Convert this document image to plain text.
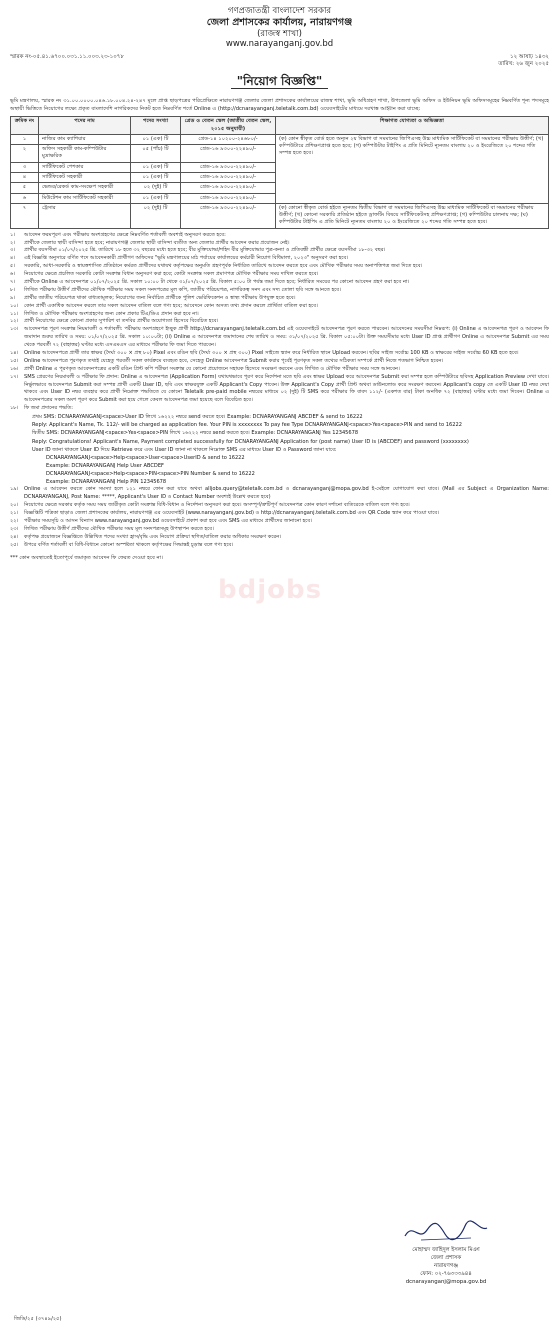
গণপ্রজাতন্ত্রী বাংলাদেশ সরকার
জেলা প্রশাসকের কার্যালয়, নারায়ণগঞ্জ
(রাজস্ব শাখা)
www.narayanganj.gov.bd
স্মারক নং-০৫.৪১.৬৭০০.০৩১.১১.০০৩.২৩-১০৭৮	১২ আষাঢ় ১৪৩২
তারিখ: ২৬ জুন ২০২৫
"নিয়োগ বিজ্ঞপ্তি"
ভূমি মন্ত্রণালয়, স্মারক নং ৩১.০০.০০০০.০৪৬.১৮.০০৪.২৪-২৪৭ মূলে প্রাপ্ত ছাড়পত্রের পরিপ্রেক্ষিতে নারায়ণগঞ্জ জেলার জেলা প্রশাসকের কার্যালয়ের রাজস্ব শাখা, ভূমি অধিগ্রহণ শাখা, উপজেলা ভূমি অফিস ও ইউনিয়ন ভূমি অফিসসমূহের নিম্নবর্ণিত শূন্য পদসমূহে অস্থায়ী ভিত্তিতে নিয়োগের লক্ষ্যে প্রকৃত বাংলাদেশি নাগরিকদের নিকট হতে নিম্নবর্ণিত শর্তে Online এ (http://dcnarayanganj.teletalk.com.bd) ওয়েবসাইটের মাধ্যমে দরখাস্ত আহ্বান করা যাচ্ছে:
ক্রমিক নং	পদের নাম	পদের সংখ্যা	গ্রেড ও বেতন স্কেল (জাতীয় বেতন স্কেল, ২০১৫ অনুযায়ী)	শিক্ষাগত যোগ্যতা ও অভিজ্ঞতা
১	নাজির কাম ক্যাশিয়ার	০১ (এক) টি	গ্রেড-১৪ ১০২০০-২৪৬৮০/-	(ক) কোন স্বীকৃত বোর্ড হতে অন্যূন ২য় বিভাগ বা সমমানের জিপিএসহ উচ্চ মাধ্যমিক সার্টিফিকেট বা সমমানের পরীক্ষায় উত্তীর্ণ; (খ) কম্পিউটারে প্রশিক্ষণপ্রাপ্ত হতে হবে; (গ) কম্পিউটার টাইপিং এ প্রতি মিনিটে ন্যূনতম বাংলায় ২০ ও ইংরেজিতে ২০ শব্দের গতি সম্পন্ন হতে হবে।
২	অফিস সহকারী কাম-কম্পিউটার মুদ্রাক্ষরিক	০৫ (পাঁচ) টি	গ্রেড-১৬ ৯৩০০-২২৪৯০/-	
৩	সার্টিফিকেট পেশকার	০১ (এক) টি	গ্রেড-১৬ ৯৩০০-২২৪৯০/-	
৪	সার্টিফিকেট সহকারী	০১ (এক) টি	গ্রেড-১৬ ৯৩০০-২২৪৯০/-	
৫	ভেন্ডর/রেকর্ড কাম-সংক্ষেপ সহকারী	০২ (দুই) টি	গ্রেড-১৬ ৯৩০০-২২৪৯০/-	
৬	মিউটেশন কাম সার্টিফিকেট সহকারী	০১ (এক) টি	গ্রেড-১৬ ৯৩০০-২২৪৯০/-	
৭	ট্রেসার	০২ (দুই) টি	গ্রেড-১৬ ৯৩০০-২২৪৯০/-	(ক) কোনো স্বীকৃত বোর্ড হইতে ন্যূনতম দ্বিতীয় বিভাগ বা সমমানের জিপিএসহ উচ্চ মাধ্যমিক সার্টিফিকেট বা সমমানের পরীক্ষায় উত্তীর্ণ; (খ) কোনো সরকারি প্রতিষ্ঠান হইতে ড্রাফটিং বিষয়ে সার্টিফিকেটসহ প্রশিক্ষণপ্রাপ্ত; (গ) কম্পিউটার চালনায় দক্ষ; (ঘ) কম্পিউটার টাইপিং এ প্রতি মিনিটে ন্যূনতম বাংলায় ২০ ও ইংরেজিতে ২০ শব্দের গতি সম্পন্ন হতে হবে।
bdjobs
১।	আবেদন ফরমপূরণ এবং পরীক্ষায় অংশগ্রহণের ক্ষেত্রে নিম্নবর্ণিত শর্তাবলী অবশ্যই অনুসরণ করতে হবে:
২।	প্রার্থীকে জেলার স্থায়ী বাসিন্দা হতে হবে; নারায়ণগঞ্জ জেলার স্থায়ী বাসিন্দা ব্যতীত অন্য জেলার প্রার্থীর আবেদন করার প্রয়োজন নেই।
৩।	প্রার্থীর বয়সসীমা ০১/০৭/২০২৫ খ্রি. তারিখে ১৮ হতে ৩২ বছরের মধ্যে হতে হবে; বীর মুক্তিযোদ্ধা/শহিদ বীর মুক্তিযোদ্ধার পুত্র-কন্যা ও প্রতিবন্ধী প্রার্থীর ক্ষেত্রে বয়সসীমা ১৮-৩২ বছর।
৪।	এই বিজ্ঞপ্তি অনুসারে বর্ণিত পদে আবেদনকারী প্রার্থীগণ অফিসের "ভূমি মন্ত্রণালয়ের মাঠ পর্যায়ের কার্যালয়ের কর্মচারী নিয়োগ বিধিমালা, ২০২৩" অনুসরণ করা হবে।
৫।	সরকারি, আধা-সরকারি ও স্বায়ত্তশাসিত প্রতিষ্ঠানে কর্মরত প্রার্থীদের যথাযথ কর্তৃপক্ষের অনুমতি গ্রহণপূর্বক নির্ধারিত তারিখে আবেদন করতে হবে এবং মৌখিক পরীক্ষার সময় অনাপত্তিপত্র জমা দিতে হবে।
৬।	নিয়োগের ক্ষেত্রে প্রচলিত সরকারি কোটা সংক্রান্ত বিধান অনুসরণ করা হবে; কোটা সংক্রান্ত সকল প্রমাণপত্র মৌখিক পরীক্ষার সময় দাখিল করতে হবে।
৭।	প্রার্থীকে Online এ আবেদনপত্র ০১/০৭/২০২৫ খ্রি. সকাল ১০:০০ টা থেকে ৩১/০৭/২০২৫ খ্রি. বিকাল ৫:০০ টা পর্যন্ত জমা দিতে হবে; নির্ধারিত সময়ের পর কোনো আবেদন গ্রহণ করা হবে না।
৮।	লিখিত পরীক্ষায় উত্তীর্ণ প্রার্থীদের মৌখিক পরীক্ষার সময় সকল সনদপত্রের মূল কপি, জাতীয় পরিচয়পত্র, নাগরিকত্ব সনদ এবং সদ্য তোলা ছবি সঙ্গে আনতে হবে।
৯।	প্রার্থীর জাতীয় পরিচয়পত্র থাকা বাধ্যতামূলক; নিয়োগের জন্য নির্বাচিত প্রার্থীকে পুলিশ ভেরিফিকেশন ও স্বাস্থ্য পরীক্ষায় উপযুক্ত হতে হবে।
১০।	কোন প্রার্থী একাধিক আবেদন করলে তার সকল আবেদন বাতিল বলে গণ্য হবে; আবেদনে কোন অসত্য তথ্য প্রদান করলে প্রার্থিতা বাতিল করা হবে।
১১।	লিখিত ও মৌখিক পরীক্ষায় অংশগ্রহণের জন্য কোন প্রকার টিএ/ডিএ প্রদান করা হবে না।
১২।	প্রার্থী নিয়োগের ক্ষেত্রে কোনো প্রকার সুপারিশ বা তদবির প্রার্থীর অযোগ্যতা হিসেবে বিবেচিত হবে।
১৩।	আবেদনপত্র পূরণ সংক্রান্ত নিয়মাবলী ও শর্তাবলী: পরীক্ষায় অংশগ্রহণে ইচ্ছুক প্রার্থী http://dcnarayanganj.teletalk.com.bd এই ওয়েবসাইটে আবেদনপত্র পূরণ করতে পারবেন। আবেদনের সময়সীমা নিম্নরূপ: (i) Online এ আবেদনপত্র পূরণ ও আবেদন ফি জমাদান শুরুর তারিখ ও সময়: ০১/০৭/২০২৫ খ্রি. সকাল ১০:০০টা; (ii) Online এ আবেদনপত্র জমাদানের শেষ তারিখ ও সময়: ৩১/০৭/২০২৫ খ্রি. বিকাল ০৫:০০টা। উক্ত সময়সীমার মধ্যে User ID প্রাপ্ত প্রার্থীগণ Online এ আবেদনপত্র Submit এর সময় থেকে পরবর্তী ৭২ (বাহাত্তর) ঘণ্টার মধ্যে এসএমএস এর মাধ্যমে পরীক্ষার ফি জমা দিতে পারবেন।
১৪।	Online আবেদনপত্রে প্রার্থী তার স্বাক্ষর (দৈর্ঘ্য ৩০০ × প্রস্থ ৮০) Pixel এবং রঙিন ছবি (দৈর্ঘ্য ৩০০ × প্রস্থ ৩০০) Pixel সাইজে স্ক্যান করে নির্ধারিত স্থানে Upload করবেন। ছবির সাইজ সর্বোচ্চ 100 KB ও স্বাক্ষরের সাইজ সর্বোচ্চ 60 KB হতে হবে।
১৫।	Online আবেদনপত্রে পূরণকৃত তথ্যই যেহেতু পরবর্তী সকল কার্যক্রমে ব্যবহৃত হবে, সেহেতু Online আবেদনপত্র Submit করার পূর্বেই পূরণকৃত সকল তথ্যের সঠিকতা সম্পর্কে প্রার্থী নিজে শতভাগ নিশ্চিত হবেন।
১৬।	প্রার্থী Online এ পূরণকৃত আবেদনপত্রের একটি রঙিন প্রিন্ট কপি পরীক্ষা সংক্রান্ত যে কোনো প্রয়োজনে সহায়ক হিসেবে সংরক্ষণ করবেন এবং লিখিত ও মৌখিক পরীক্ষার সময় সঙ্গে আনবেন।
১৭।	SMS প্রেরণের নিয়মাবলী ও পরীক্ষার ফি প্রদান: Online এ আবেদনপত্র (Application Form) যথাযথভাবে পূরণ করে নির্দেশনা মতে ছবি এবং স্বাক্ষর Upload করে আবেদনপত্র Submit করা সম্পন্ন হলে কম্পিউটারে ছবিসহ Application Preview দেখা যাবে। নির্ভুলভাবে আবেদনপত্র Submit করা সম্পন্ন প্রার্থী একটি User ID, ছবি এবং স্বাক্ষরযুক্ত একটি Applicant's Copy পাবেন। উক্ত Applicant's Copy প্রার্থী প্রিন্ট অথবা ডাউনলোড করে সংরক্ষণ করবেন। Applicant's copy তে একটি User ID নম্বর দেয়া থাকবে এবং User ID নম্বর ব্যবহার করে প্রার্থী নিম্নোক্ত পদ্ধতিতে যে কোনো Teletalk pre-paid mobile নম্বরের মাধ্যমে ০২ (দুই) টি SMS করে পরীক্ষার ফি বাবদ ১১২/- (একশত বার) টাকা অনধিক ৭২ (বাহাত্তর) ঘণ্টার মধ্যে জমা দিবেন। Online এ আবেদনপত্রের সকল অংশ পূরণ করে Submit করা হয়ে গেলে কেবল আবেদনপত্র জমা হয়েছে বলে বিবেচিত হবে।
১৮।	ফি জমা প্রদানের পদ্ধতি:
প্রথম SMS: DCNARAYANGANJ<space>User ID লিখে ১৬২২২ নম্বরে send করতে হবে। Example: DCNARAYANGANJ ABCDEF & send to 16222
Reply: Applicant's Name, Tk. 112/- will be charged as application fee. Your PIN is xxxxxxxx To pay fee Type DCNARAYANGANJ<space>Yes<space>PIN and send to 16222
দ্বিতীয় SMS: DCNARAYANGANJ<space>Yes<space>PIN লিখে ১৬২২২ নম্বরে send করতে হবে। Example: DCNARAYANGANJ Yes 12345678
Reply: Congratulations! Applicant's Name, Payment completed successfully for DCNARAYANGANJ Application for (post name) User ID is (ABCDEF) and password (xxxxxxxx)
User ID জানা থাকলে User ID দিয়ে Retrieve করে এবং User ID জানা না থাকলে নিম্নোক্ত SMS এর মাধ্যমে User ID ও Password জানা যাবে:
DCNARAYANGANJ<space>Help<space>User<space>UserID & send to 16222
Example: DCNARAYANGANJ Help User ABCDEF
DCNARAYANGANJ<space>Help<space>PIN<space>PIN Number & send to 16222
Example: DCNARAYANGANJ Help PIN 12345678
১৯।	Online এ আবেদন করতে কোন সমস্যা হলে ১২১ নম্বরে ফোন করা যাবে অথবা alljobs.query@teletalk.com.bd ও dcnarayanganj@mopa.gov.bd ই-মেইলে যোগাযোগ করা যাবে। (Mail এর Subject এ Organization Name: DCNARAYANGANJ, Post Name: *****, Applicant's User ID ও Contact Number অবশ্যই উল্লেখ করতে হবে)
২০।	নিয়োগের ক্ষেত্রে সরকার কর্তৃক সময় সময় জারীকৃত কোটা সংক্রান্ত বিধি-বিধান ও নির্দেশনা অনুসরণ করা হবে। অসম্পূর্ণ/ত্রুটিপূর্ণ আবেদনপত্র কোন কারণ দর্শানো ব্যতিরেকে বাতিল বলে গণ্য হবে।
২১।	বিজ্ঞপ্তিটি পত্রিকা ছাড়াও জেলা প্রশাসকের কার্যালয়, নারায়ণগঞ্জ এর ওয়েবসাইট (www.narayanganj.gov.bd) ও http://dcnarayanganj.teletalk.com.bd এবং QR Code স্ক্যান করে পাওয়া যাবে।
২২।	পরীক্ষার সময়সূচি ও আসন বিন্যাস www.narayanganj.gov.bd ওয়েবসাইটে প্রকাশ করা হবে এবং SMS এর মাধ্যমে প্রার্থীদের জানানো হবে।
২৩।	লিখিত পরীক্ষায় উত্তীর্ণ প্রার্থীদের মৌখিক পরীক্ষার সময় মূল সনদপত্রসমূহ উপস্থাপন করতে হবে।
২৪।	কর্তৃপক্ষ প্রয়োজনে বিজ্ঞপ্তিতে উল্লিখিত পদের সংখ্যা হ্রাস/বৃদ্ধি এবং নিয়োগ প্রক্রিয়া স্থগিত/বাতিল করার অধিকার সংরক্ষণ করেন।
২৫।	উপরে বর্ণিত শর্তাবলী বা বিধি-বিধানে কোনো অস্পষ্টতা থাকলে কর্তৃপক্ষের সিদ্ধান্তই চূড়ান্ত বলে গণ্য হবে।
*** কোন অবস্থাতেই ইতোপূর্বে জমাকৃত আবেদন ফি ফেরত দেওয়া হবে না।
মোহাম্মদ জাহিদুল ইসলাম মিঞা
জেলা প্রশাসক
নারায়ণগঞ্জ
ফোন: ০২-৭৬৩৩৩৯৪৪
dcnarayanganj@mopa.gov.bd
জিডি/২৫ (৩৭৪৯/২৫)
